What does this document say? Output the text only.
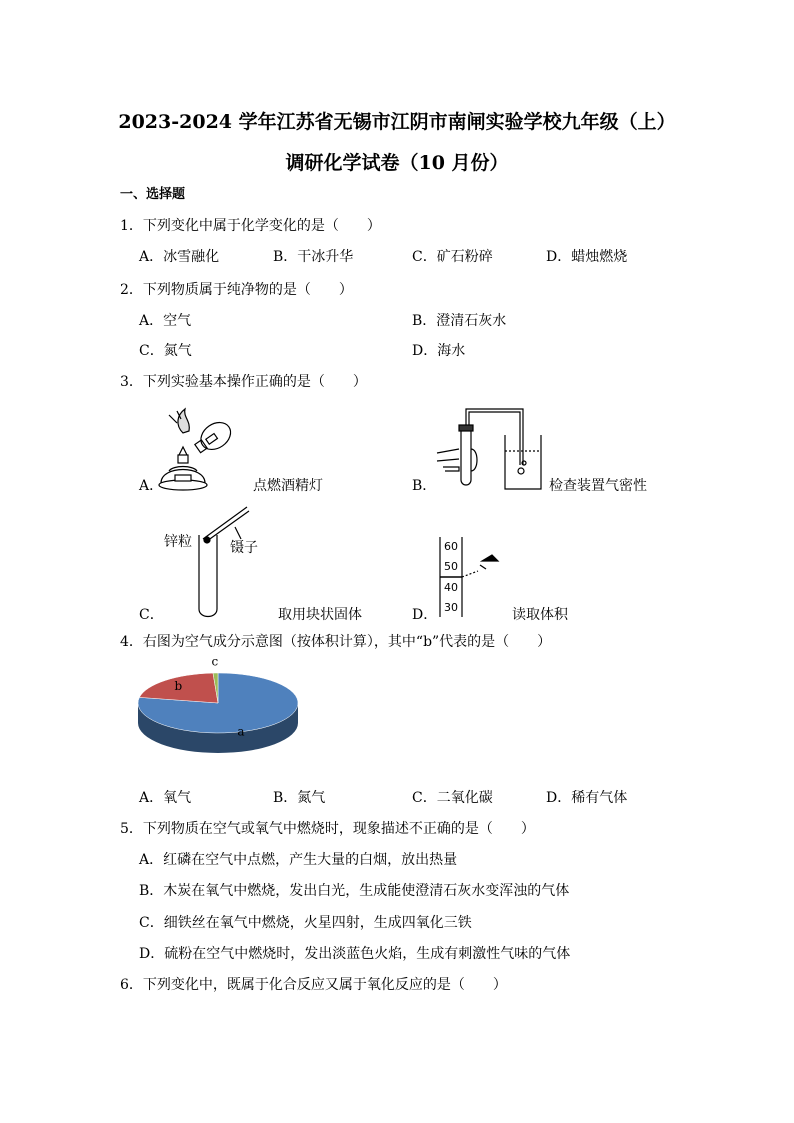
2023-2024 学年江苏省无锡市江阴市南闸实验学校九年级（上）
调研化学试卷（10 月份）
一、选择题
1．下列变化中属于化学变化的是（　　）
A．冰雪融化	B．干冰升华	C．矿石粉碎	D．蜡烛燃烧
2．下列物质属于纯净物的是（　　）
A．空气	B．澄清石灰水
C．氮气	D．海水
3．下列实验基本操作正确的是（　　）
A．	点燃酒精灯	B．	检查装置气密性
锌粒	镊子
C．	取用块状固体
60
50
40
30
D．	读取体积
4．右图为空气成分示意图（按体积计算），其中“b”代表的是（　　）
a
b
c
A．氧气	B．氮气	C．二氧化碳	D．稀有气体
5．下列物质在空气或氧气中燃烧时，现象描述不正确的是（　　）
A．红磷在空气中点燃，产生大量的白烟，放出热量
B．木炭在氧气中燃烧，发出白光，生成能使澄清石灰水变浑浊的气体
C．细铁丝在氧气中燃烧，火星四射，生成四氧化三铁
D．硫粉在空气中燃烧时，发出淡蓝色火焰，生成有刺激性气味的气体
6．下列变化中，既属于化合反应又属于氧化反应的是（　　）
